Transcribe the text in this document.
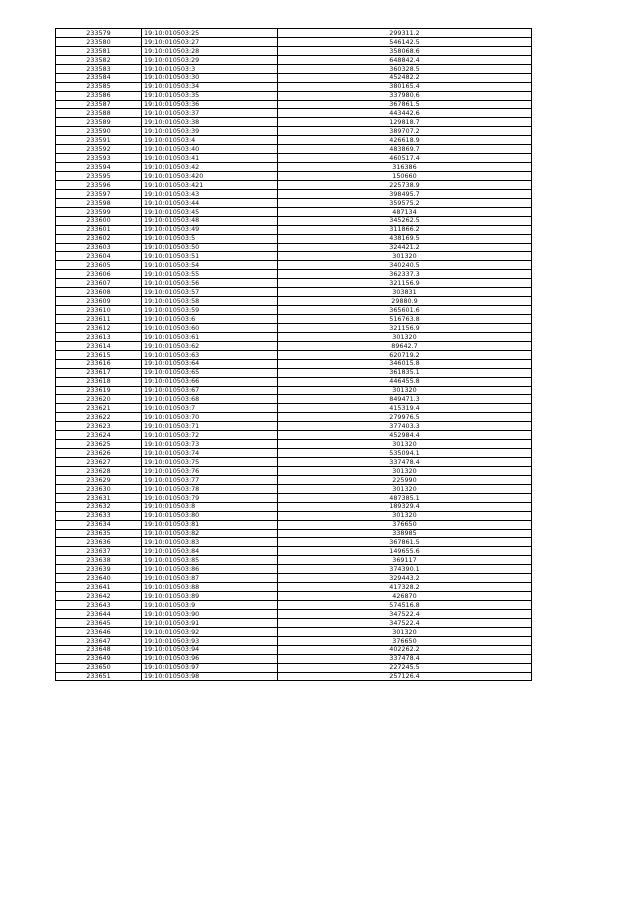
233579	19:10:010503:25	299311.2
233580	19:10:010503:27	546142.5
233581	19:10:010503:28	358068.6
233582	19:10:010503:29	648842.4
233583	19:10:010503:3	360328.5
233584	19:10:010503:30	452482.2
233585	19:10:010503:34	380165.4
233586	19:10:010503:35	337980.6
233587	19:10:010503:36	367861.5
233588	19:10:010503:37	443442.6
233589	19:10:010503:38	129818.7
233590	19:10:010503:39	389707.2
233591	19:10:010503:4	426618.9
233592	19:10:010503:40	483869.7
233593	19:10:010503:41	460517.4
233594	19:10:010503:42	316386
233595	19:10:010503:420	150660
233596	19:10:010503:421	225738.9
233597	19:10:010503:43	398495.7
233598	19:10:010503:44	359575.2
233599	19:10:010503:45	487134
233600	19:10:010503:48	345262.5
233601	19:10:010503:49	311866.2
233602	19:10:010503:5	438169.5
233603	19:10:010503:50	324421.2
233604	19:10:010503:51	301320
233605	19:10:010503:54	340240.5
233606	19:10:010503:55	362337.3
233607	19:10:010503:56	321156.9
233608	19:10:010503:57	303831
233609	19:10:010503:58	29880.9
233610	19:10:010503:59	365601.6
233611	19:10:010503:6	516763.8
233612	19:10:010503:60	321156.9
233613	19:10:010503:61	301320
233614	19:10:010503:62	89642.7
233615	19:10:010503:63	620719.2
233616	19:10:010503:64	346015.8
233617	19:10:010503:65	361835.1
233618	19:10:010503:66	446455.8
233619	19:10:010503:67	301320
233620	19:10:010503:68	849471.3
233621	19:10:010503:7	415319.4
233622	19:10:010503:70	279976.5
233623	19:10:010503:71	377403.3
233624	19:10:010503:72	452984.4
233625	19:10:010503:73	301320
233626	19:10:010503:74	535094.1
233627	19:10:010503:75	337478.4
233628	19:10:010503:76	301320
233629	19:10:010503:77	225990
233630	19:10:010503:78	301320
233631	19:10:010503:79	487385.1
233632	19:10:010503:8	189329.4
233633	19:10:010503:80	301320
233634	19:10:010503:81	376650
233635	19:10:010503:82	338985
233636	19:10:010503:83	367861.5
233637	19:10:010503:84	149655.6
233638	19:10:010503:85	369117
233639	19:10:010503:86	374390.1
233640	19:10:010503:87	329443.2
233641	19:10:010503:88	417328.2
233642	19:10:010503:89	426870
233643	19:10:010503:9	574516.8
233644	19:10:010503:90	347522.4
233645	19:10:010503:91	347522.4
233646	19:10:010503:92	301320
233647	19:10:010503:93	376650
233648	19:10:010503:94	402262.2
233649	19:10:010503:96	337478.4
233650	19:10:010503:97	227245.5
233651	19:10:010503:98	257126.4
